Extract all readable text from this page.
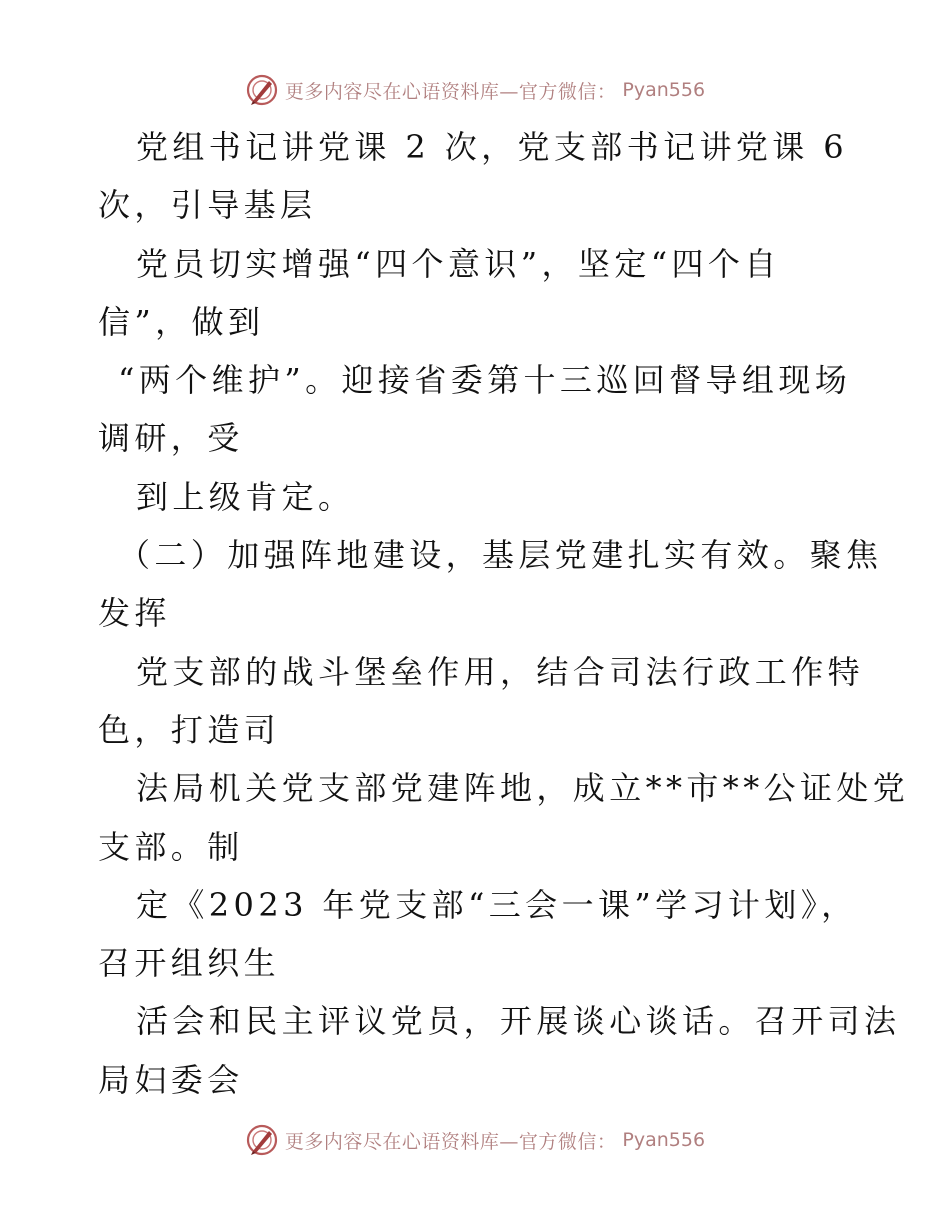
更多内容尽在心语资料库—官方微信： Pyan556
党组书记讲党课 2 次，党支部书记讲党课 6
次，引导基层
党员切实增强“四个意识”，坚定“四个自
信”，做到
“两个维护”。迎接省委第十三巡回督导组现场
调研，受
到上级肯定。
（二）加强阵地建设，基层党建扎实有效。聚焦
发挥
党支部的战斗堡垒作用，结合司法行政工作特
色，打造司
法局机关党支部党建阵地，成立**市**公证处党
支部。制
定《2023 年党支部“三会一课”学习计划》，
召开组织生
活会和民主评议党员，开展谈心谈话。召开司法
局妇委会
更多内容尽在心语资料库—官方微信： Pyan556
